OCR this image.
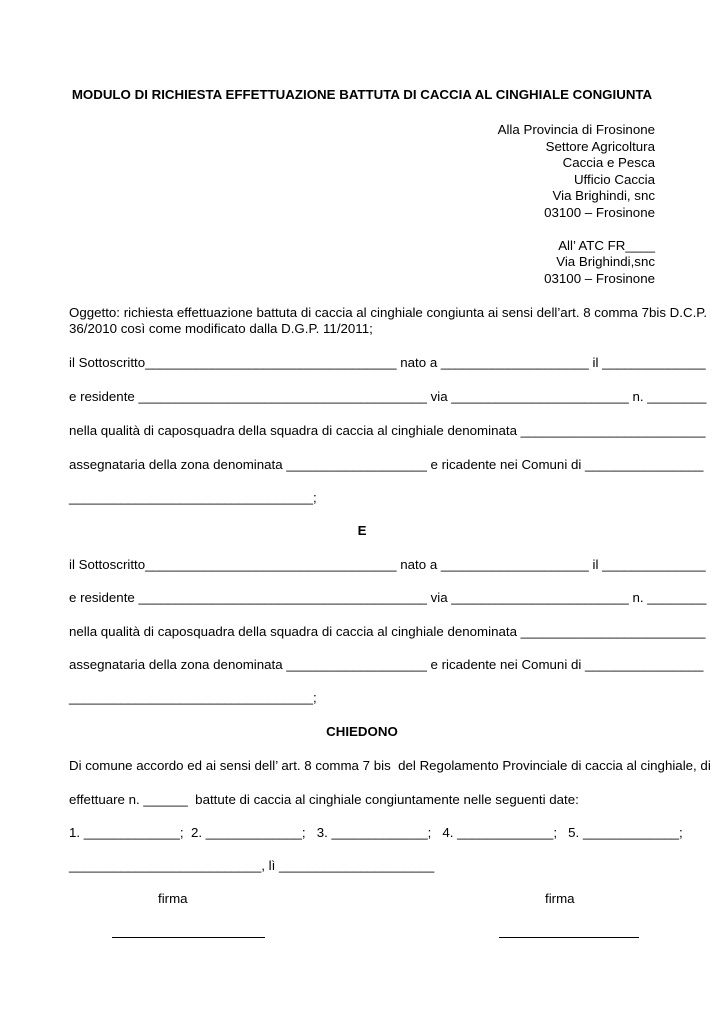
MODULO DI RICHIESTA EFFETTUAZIONE BATTUTA DI CACCIA AL CINGHIALE CONGIUNTA
Alla Provincia di Frosinone
Settore Agricoltura
Caccia e Pesca
Ufficio Caccia
Via Brighindi, snc
03100 – Frosinone
All’ ATC FR____
Via Brighindi,snc
03100 – Frosinone
Oggetto: richiesta effettuazione battuta di caccia al cinghiale congiunta ai sensi dell’art. 8 comma 7bis D.C.P.
36/2010 così come modificato dalla D.G.P. 11/2011;
il Sottoscritto__________________________________ nato a ____________________ il ______________
e residente _______________________________________ via ________________________ n. ________
nella qualità di caposquadra della squadra di caccia al cinghiale denominata _________________________
assegnataria della zona denominata ___________________ e ricadente nei Comuni di ________________
_________________________________;
E
il Sottoscritto__________________________________ nato a ____________________ il ______________
e residente _______________________________________ via ________________________ n. ________
nella qualità di caposquadra della squadra di caccia al cinghiale denominata _________________________
assegnataria della zona denominata ___________________ e ricadente nei Comuni di ________________
_________________________________;
CHIEDONO
Di comune accordo ed ai sensi dell’ art. 8 comma 7 bis  del Regolamento Provinciale di caccia al cinghiale, di
effettuare n. ______  battute di caccia al cinghiale congiuntamente nelle seguenti date:
1. _____________;  2. _____________;   3. _____________;   4. _____________;   5. _____________;
__________________________, lì _____________________
firma	firma
